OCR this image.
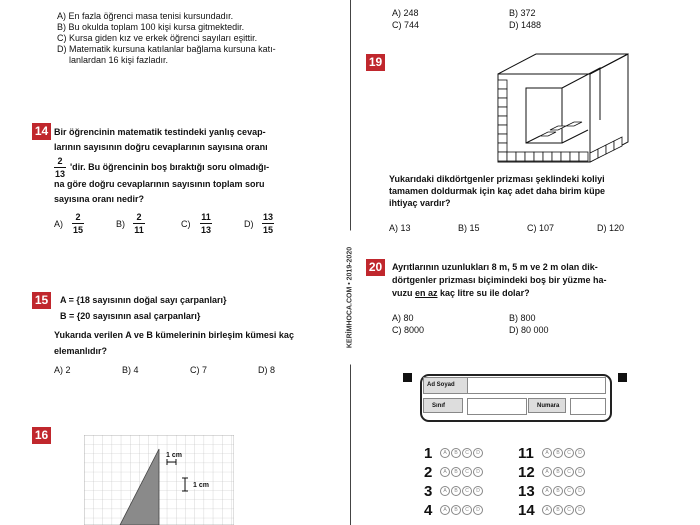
KERİMHOCA.COM • 2019-2020
A) En fazla öğrenci masa tenisi kursundadır.
B) Bu okulda toplam 100 kişi kursa gitmektedir.
C) Kursa giden kız ve erkek öğrenci sayıları eşittir.
D) Matematik kursuna katılanlar bağlama kursuna katı-
lanlardan 16 kişi fazladır.
14 Bir öğrencinin matematik testindeki yanlış cevap-
larının sayısının doğru cevaplarının sayısına oranı
2
13
'dir. Bu öğrencinin boş bıraktığı soru olmadığı-
na göre doğru cevaplarının sayısının toplam soru
sayısına oranı nedir?
A)
2
15
B)
2
11
C)
11
13
D)
13
15
15	A = {18 sayısının doğal sayı çarpanları}
B = {20 sayısının asal çarpanları}
Yukarıda verilen A ve B kümelerinin birleşim kümesi kaç
elemanlıdır?
A) 2	B) 4	C) 7	D) 8
16
1 cm
1 cm
A) 248	B) 372
C) 744	D) 1488
19
Yukarıdaki dikdörtgenler prizması şeklindeki koliyi
tamamen doldurmak için kaç adet daha birim küpe
ihtiyaç vardır?
A) 13	B) 15	C) 107	D) 120
20	Ayrıtlarının uzunlukları 8 m, 5 m ve 2 m olan dik-
dörtgenler prizması biçimindeki boş bir yüzme ha-
vuzu en az kaç litre su ile dolar?
A) 80	B) 800
C) 8000	D) 80 000
Ad Soyad
Sınıf	Numara
1	A	B	C	D
2	A	B	C	D
3	A	B	C	D
4	A	B	C	D
11	A	B	C	D
12	A	B	C	D
13	A	B	C	D
14	A	B	C	D
